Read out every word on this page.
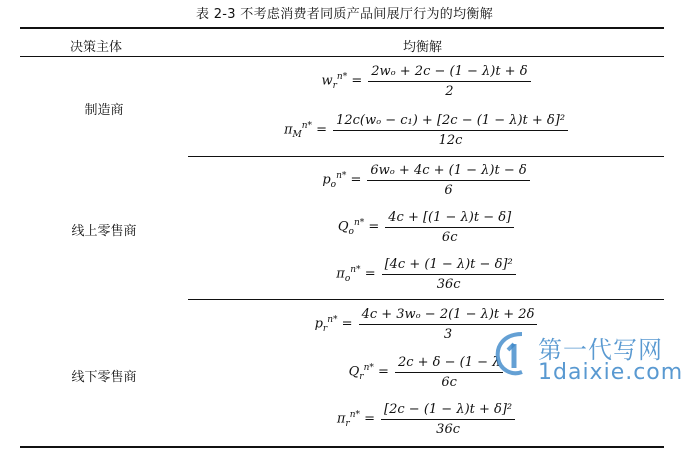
表 2-3 不考虑消费者同质产品间展厅行为的均衡解
决策主体	均衡解
制造商
线上零售商
线下零售商
$w_r^{n*} = \frac{\text{2wₒ + 2c − (1 − λ)t + δ}}{2}$
$\pi_M^{n*} = \frac{\text{12c(wₒ − c₁) + [2c − (1 − λ)t + δ]²}}{12c}$
$p_o^{n*} = \frac{\text{6wₒ + 4c + (1 − λ)t − δ}}{6}$
$Q_o^{n*} = \frac{4c + [(1 - \lambda)t - \delta]}{6c}$
$\pi_o^{n*} = \frac{\text{[4c + (1 − λ)t − δ]²}}{36c}$
$p_r^{n*} = \frac{\text{4c + 3wₒ − 2(1 − λ)t + 2δ}}{3}$
$Q_r^{n*} = \frac{2c + \delta - (1 - \lambda}{6c}$
$\pi_r^{n*} = \frac{\text{[2c − (1 − λ)t + δ]²}}{36c}$
第一代写网
1daixie.com
